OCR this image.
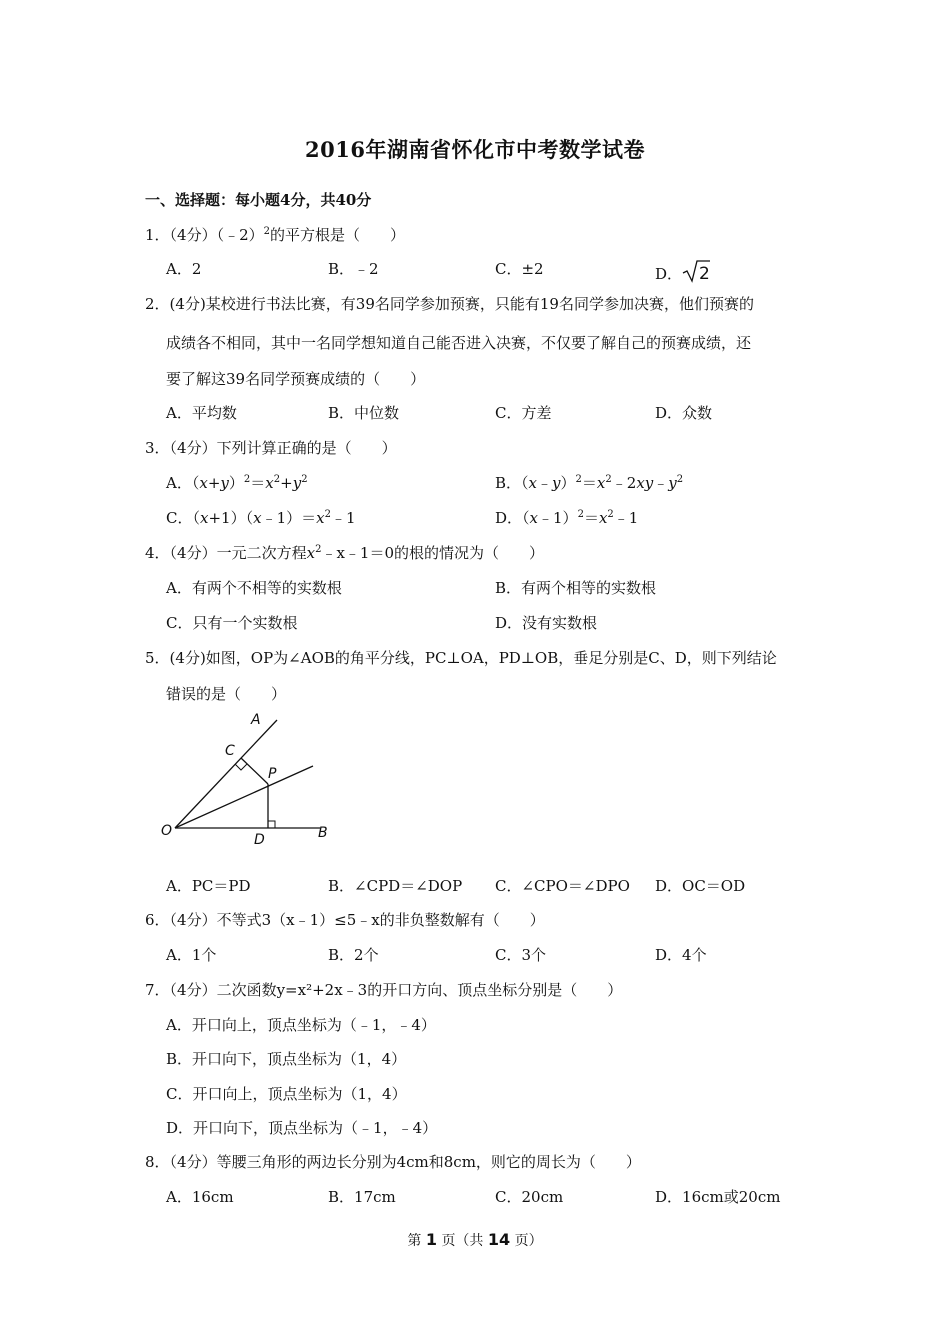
2016年湖南省怀化市中考数学试卷
一、选择题：每小题4分，共40分
1．（4分）（﹣2）$^2$的平方根是（　　）
A．2	B．﹣2	C．±2	D． 2
2．(4分)某校进行书法比赛，有39名同学参加预赛，只能有19名同学参加决赛，他们预赛的
成绩各不相同，其中一名同学想知道自己能否进入决赛，不仅要了解自己的预赛成绩，还
要了解这39名同学预赛成绩的（　　）
A．平均数	B．中位数	C．方差	D．众数
3．（4分）下列计算正确的是（　　）
A．$(x+y)^2=x^2+y^2$	B．$(x﹣y)^2=x^2﹣2xy﹣y^2$
C．$(x+1)(x﹣1)=x^2﹣1$	D．$(x﹣1)^2=x^2﹣1$
4．（4分）一元二次方程$x^2﹣x﹣1=0$的根的情况为（　　）
A．有两个不相等的实数根	B．有两个相等的实数根
C．只有一个实数根	D．没有实数根
5．(4分)如图，OP为∠AOB的角平分线，PC⊥OA，PD⊥OB，垂足分别是C、D，则下列结论
错误的是（　　）
A
C
P
O
D	B
A．PC＝PD	B．∠CPD＝∠DOP C．∠CPO＝∠DPO D．OC＝OD
6．（4分）不等式3（x﹣1）≤5﹣x的非负整数解有（　　）
A．1个	B．2个	C．3个	D．4个
7．（4分）二次函数y=x²+2x﹣3的开口方向、顶点坐标分别是（　　）
A．开口向上，顶点坐标为（﹣1，﹣4）
B．开口向下，顶点坐标为（1，4）
C．开口向上，顶点坐标为（1，4）
D．开口向下，顶点坐标为（﹣1，﹣4）
8．（4分）等腰三角形的两边长分别为4cm和8cm，则它的周长为（　　）
A．16cm	B．17cm	C．20cm	D．16cm或20cm
第 1 页（共 14 页）
